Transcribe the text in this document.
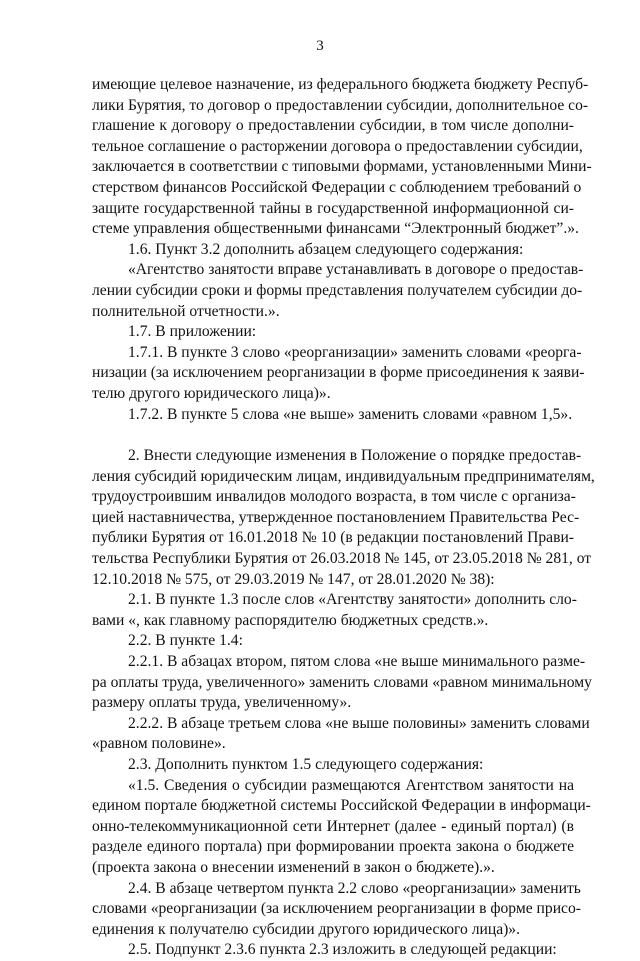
3
имеющие целевое назначение, из федерального бюджета бюджету Респуб-
лики Бурятия, то договор о предоставлении субсидии, дополнительное со-
глашение к договору о предоставлении субсидии, в том числе дополни-
тельное соглашение о расторжении договора о предоставлении субсидии,
заключается в соответствии с типовыми формами, установленными Мини-
стерством финансов Российской Федерации с соблюдением требований о
защите государственной тайны в государственной информационной си-
стеме управления общественными финансами “Электронный бюджет”.».
1.6. Пункт 3.2 дополнить абзацем следующего содержания:
«Агентство занятости вправе устанавливать в договоре о предостав-
лении субсидии сроки и формы представления получателем субсидии до-
полнительной отчетности.».
1.7. В приложении:
1.7.1. В пункте 3 слово «реорганизации» заменить словами «реорга-
низации (за исключением реорганизации в форме присоединения к заяви-
телю другого юридического лица)».
1.7.2. В пункте 5 слова «не выше» заменить словами «равном 1,5».
2. Внести следующие изменения в Положение о порядке предостав-
ления субсидий юридическим лицам, индивидуальным предпринимателям,
трудоустроившим инвалидов молодого возраста, в том числе с организа-
цией наставничества, утвержденное постановлением Правительства Рес-
публики Бурятия от 16.01.2018 № 10 (в редакции постановлений Прави-
тельства Республики Бурятия от 26.03.2018 № 145, от 23.05.2018 № 281, от
12.10.2018 № 575, от 29.03.2019 № 147, от 28.01.2020 № 38):
2.1. В пункте 1.3 после слов «Агентству занятости» дополнить сло-
вами «, как главному распорядителю бюджетных средств.».
2.2. В пункте 1.4:
2.2.1. В абзацах втором, пятом слова «не выше минимального разме-
ра оплаты труда, увеличенного» заменить словами «равном минимальному
размеру оплаты труда, увеличенному».
2.2.2. В абзаце третьем слова «не выше половины» заменить словами
«равном половине».
2.3. Дополнить пунктом 1.5 следующего содержания:
«1.5. Сведения о субсидии размещаются Агентством занятости на
едином портале бюджетной системы Российской Федерации в информаци-
онно-телекоммуникационной сети Интернет (далее - единый портал) (в
разделе единого портала) при формировании проекта закона о бюджете
(проекта закона о внесении изменений в закон о бюджете).».
2.4. В абзаце четвертом пункта 2.2 слово «реорганизации» заменить
словами «реорганизации (за исключением реорганизации в форме присо-
единения к получателю субсидии другого юридического лица)».
2.5. Подпункт 2.3.6 пункта 2.3 изложить в следующей редакции:
